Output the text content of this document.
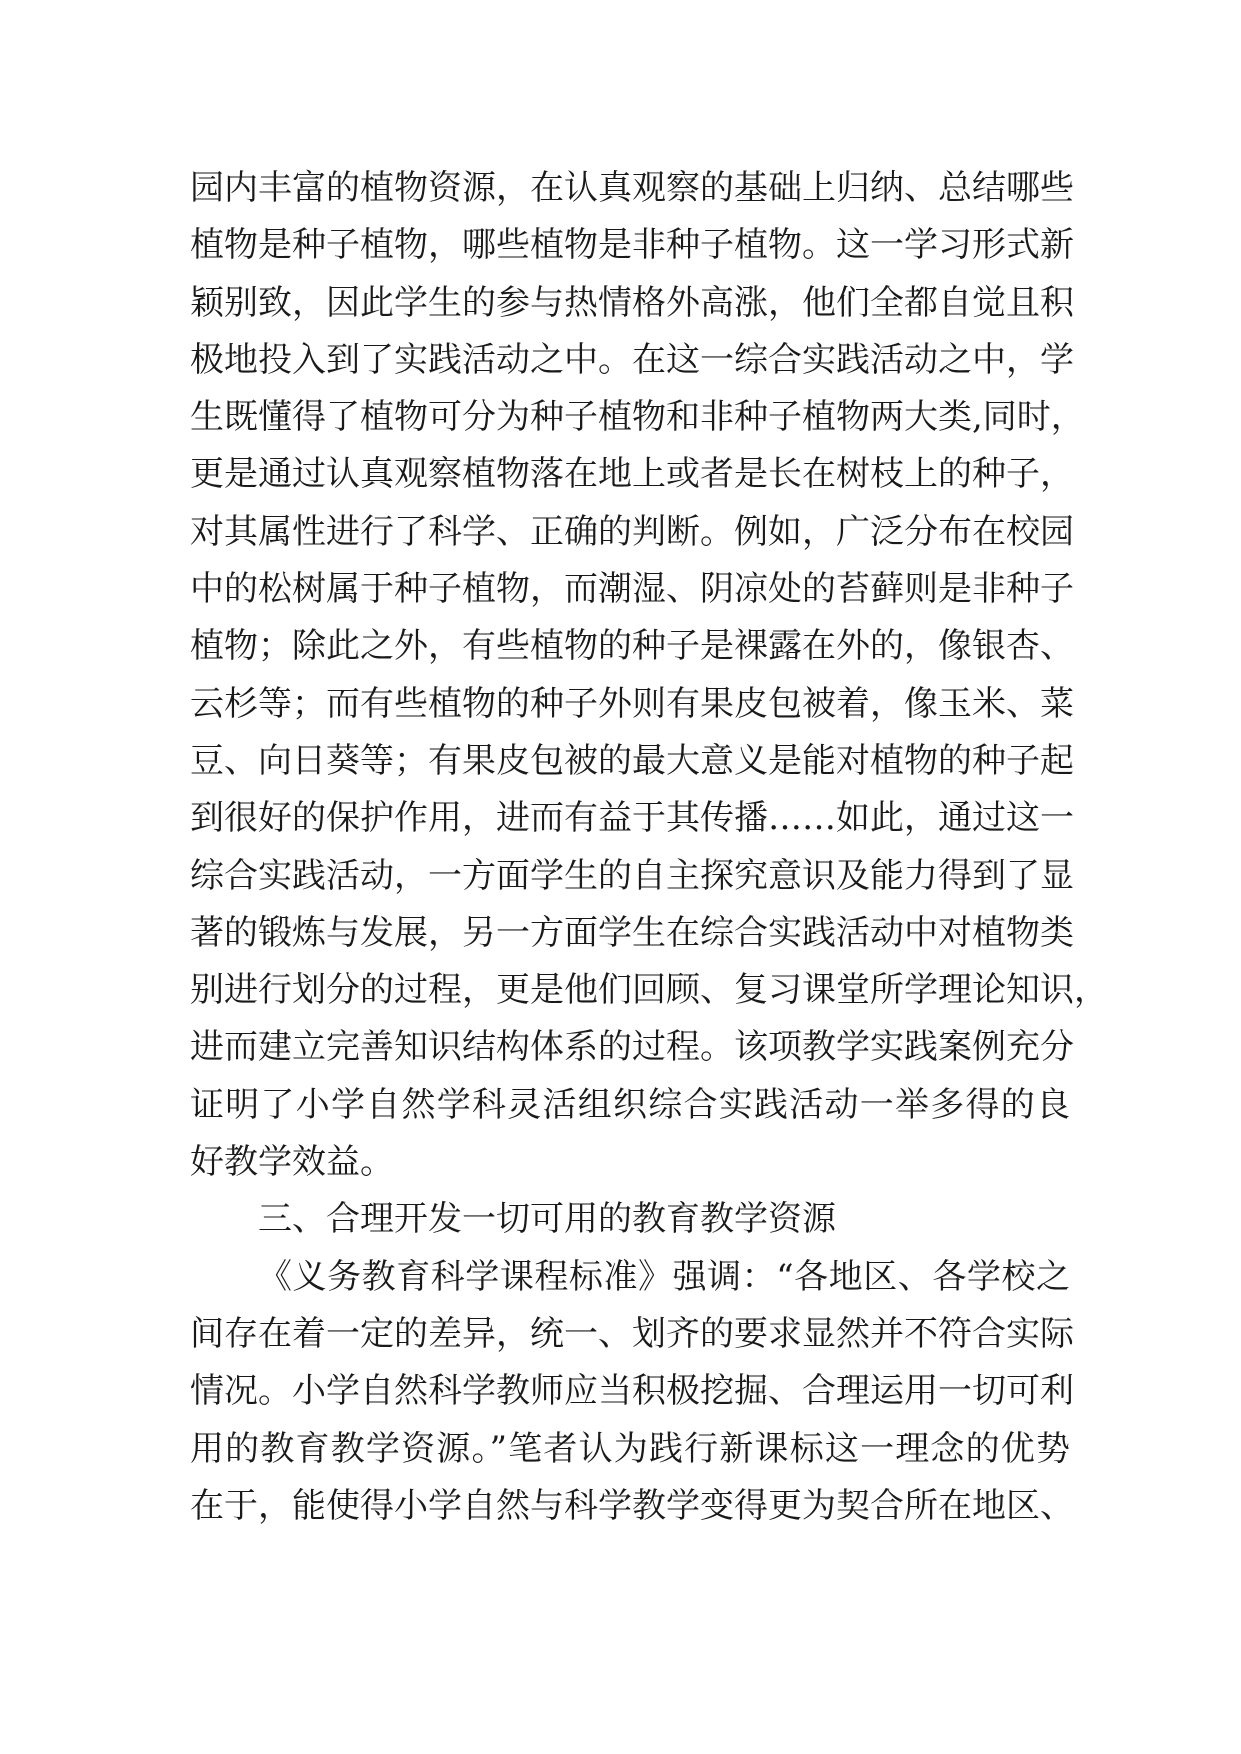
园内丰富的植物资源，在认真观察的基础上归纳、总结哪些
植物是种子植物，哪些植物是非种子植物。这一学习形式新
颖别致，因此学生的参与热情格外高涨，他们全都自觉且积
极地投入到了实践活动之中。在这一综合实践活动之中，学
生既懂得了植物可分为种子植物和非种子植物两大类,同时，
更是通过认真观察植物落在地上或者是长在树枝上的种子，
对其属性进行了科学、正确的判断。例如，广泛分布在校园
中的松树属于种子植物，而潮湿、阴凉处的苔藓则是非种子
植物；除此之外，有些植物的种子是裸露在外的，像银杏、
云杉等；而有些植物的种子外则有果皮包被着，像玉米、菜
豆、向日葵等；有果皮包被的最大意义是能对植物的种子起
到很好的保护作用，进而有益于其传播……如此，通过这一
综合实践活动，一方面学生的自主探究意识及能力得到了显
著的锻炼与发展，另一方面学生在综合实践活动中对植物类
别进行划分的过程，更是他们回顾、复习课堂所学理论知识，
进而建立完善知识结构体系的过程。该项教学实践案例充分
证明了小学自然学科灵活组织综合实践活动一举多得的良
好教学效益。
三、合理开发一切可用的教育教学资源
《义务教育科学课程标准》强调：“各地区、各学校之
间存在着一定的差异，统一、划齐的要求显然并不符合实际
情况。小学自然科学教师应当积极挖掘、合理运用一切可利
用的教育教学资源。”笔者认为践行新课标这一理念的优势
在于，能使得小学自然与科学教学变得更为契合所在地区、
